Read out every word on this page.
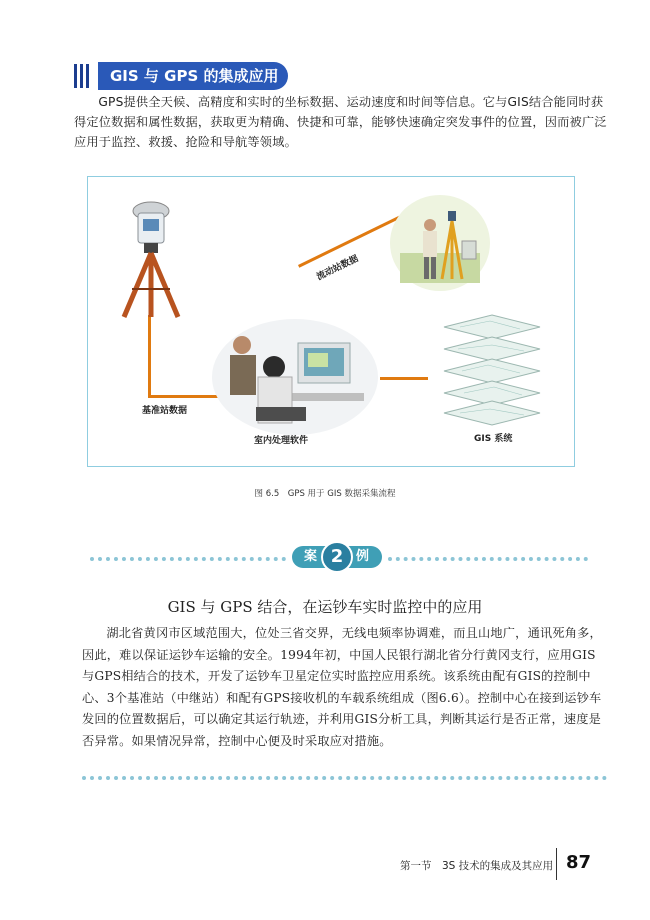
GIS 与 GPS 的集成应用

GPS提供全天候、高精度和实时的坐标数据、运动速度和时间等信息。它与GIS结合能同时获得定位数据和属性数据，获取更为精确、快捷和可靠，能够快速确定突发事件的位置，因而被广泛应用于监控、救援、抢险和导航等领域。

流动站数据
基准站数据
室内处理软件	GIS 系统
图 6.5　GPS 用于 GIS 数据采集流程
案 2 例
GIS 与 GPS 结合，在运钞车实时监控中的应用

湖北省黄冈市区域范围大，位处三省交界，无线电频率协调难，而且山地广，通讯死角多，因此，难以保证运钞车运输的安全。1994年初，中国人民银行湖北省分行黄冈支行，应用GIS与GPS相结合的技术，开发了运钞车卫星定位实时监控应用系统。该系统由配有GIS的控制中心、3个基准站（中继站）和配有GPS接收机的车载系统组成（图6.6）。控制中心在接到运钞车发回的位置数据后，可以确定其运行轨迹，并利用GIS分析工具，判断其运行是否正常，速度是否异常。如果情况异常，控制中心便及时采取应对措施。

第一节　3S 技术的集成及其应用 87
